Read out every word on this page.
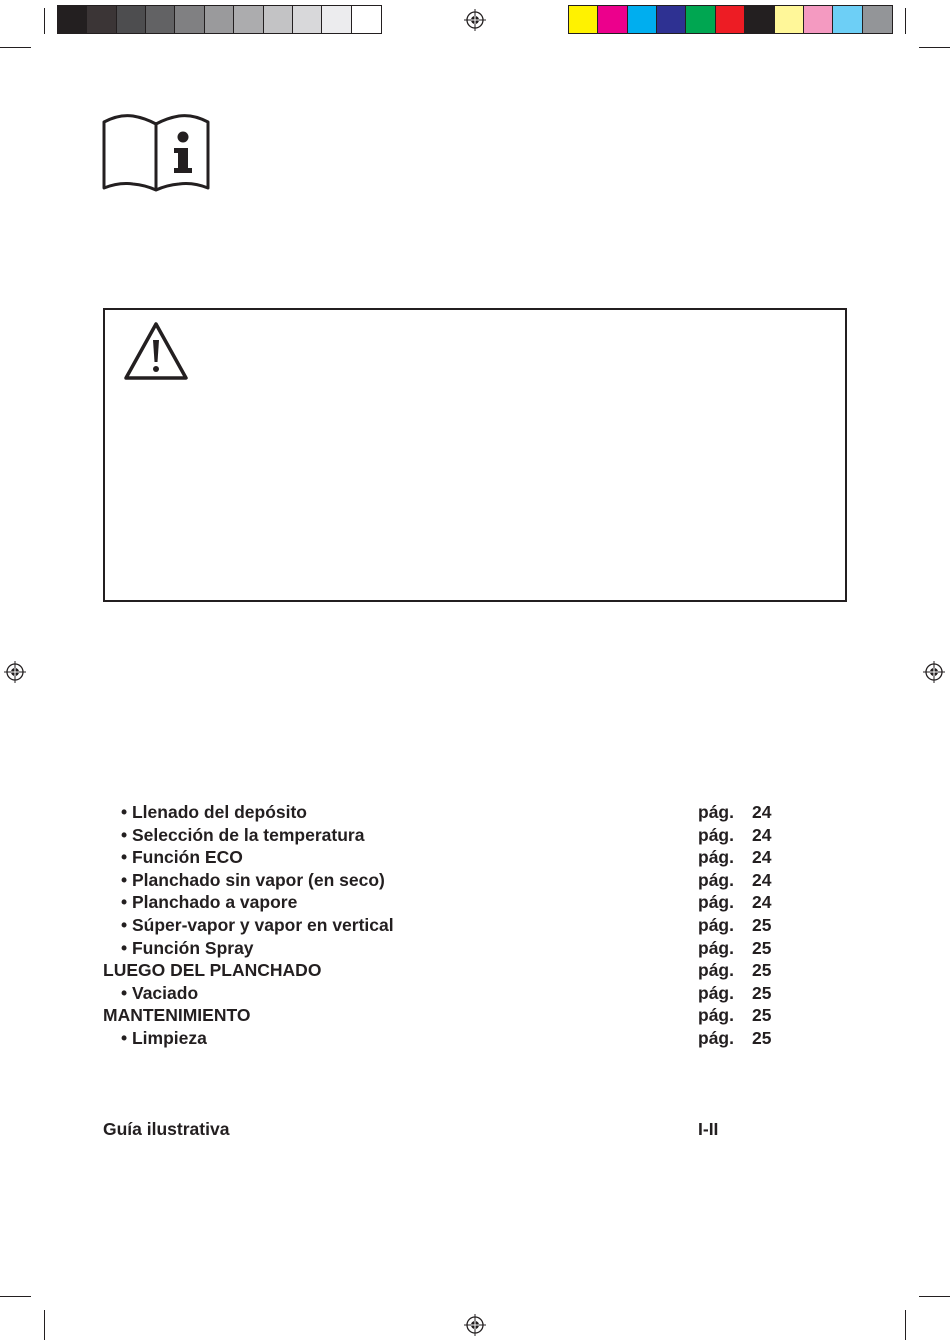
• Llenado del depósito	pág. 24
• Selección de la temperatura	pág. 24
• Función ECO	pág. 24
• Planchado sin vapor (en seco)	pág. 24
• Planchado a vapore	pág. 24
• Súper-vapor y vapor en vertical	pág. 25
• Función Spray	pág. 25
LUEGO DEL PLANCHADO	pág. 25
• Vaciado	pág. 25
MANTENIMIENTO	pág. 25
• Limpieza	pág. 25
Guía ilustrativa	I-II
